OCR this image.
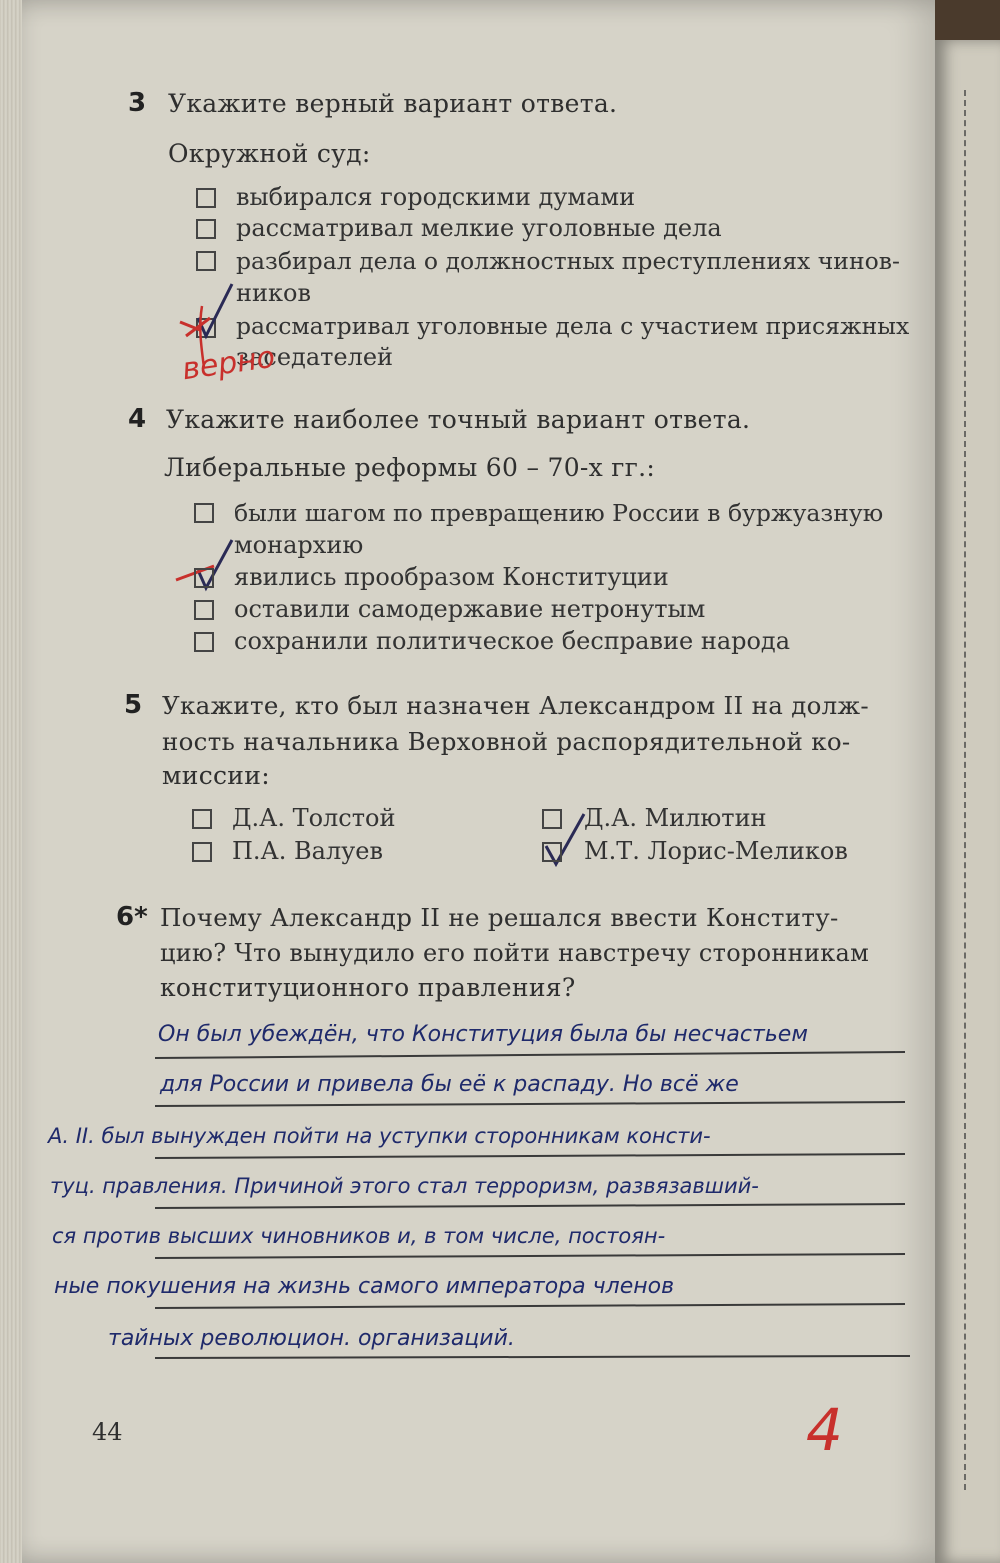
3 Укажите верный вариант ответа.
Окружной суд:
выбирался городскими думами
рассматривал мелкие уголовные дела
разбирал дела о должностных преступлениях чинов-
ников
рассматривал уголовные дела с участием присяжных
заседателей
верно
4 Укажите наиболее точный вариант ответа.
Либеральные реформы 60 – 70-х гг.:
были шагом по превращению России в буржуазную
монархию
явились прообразом Конституции
оставили самодержавие нетронутым
сохранили политическое бесправие народа
5 Укажите, кто был назначен Александром II на долж-
ность начальника Верховной распорядительной ко-
миссии:
Д.А. Толстой	Д.А. Милютин
П.А. Валуев	М.Т. Лорис-Меликов
6* Почему Александр II не решался ввести Конститу-
цию? Что вынудило его пойти навстречу сторонникам
конституционного правления?
Он был убеждён, что Конституция была бы несчастьем
для России и привела бы её к распаду. Но всё же
А. II. был вынужден пойти на уступки сторонникам консти-
туц. правления. Причиной этого стал терроризм, развязавший-
ся против высших чиновников и, в том числе, постоян-
ные покушения на жизнь самого императора членов
тайных революцион. организаций.
4
44
